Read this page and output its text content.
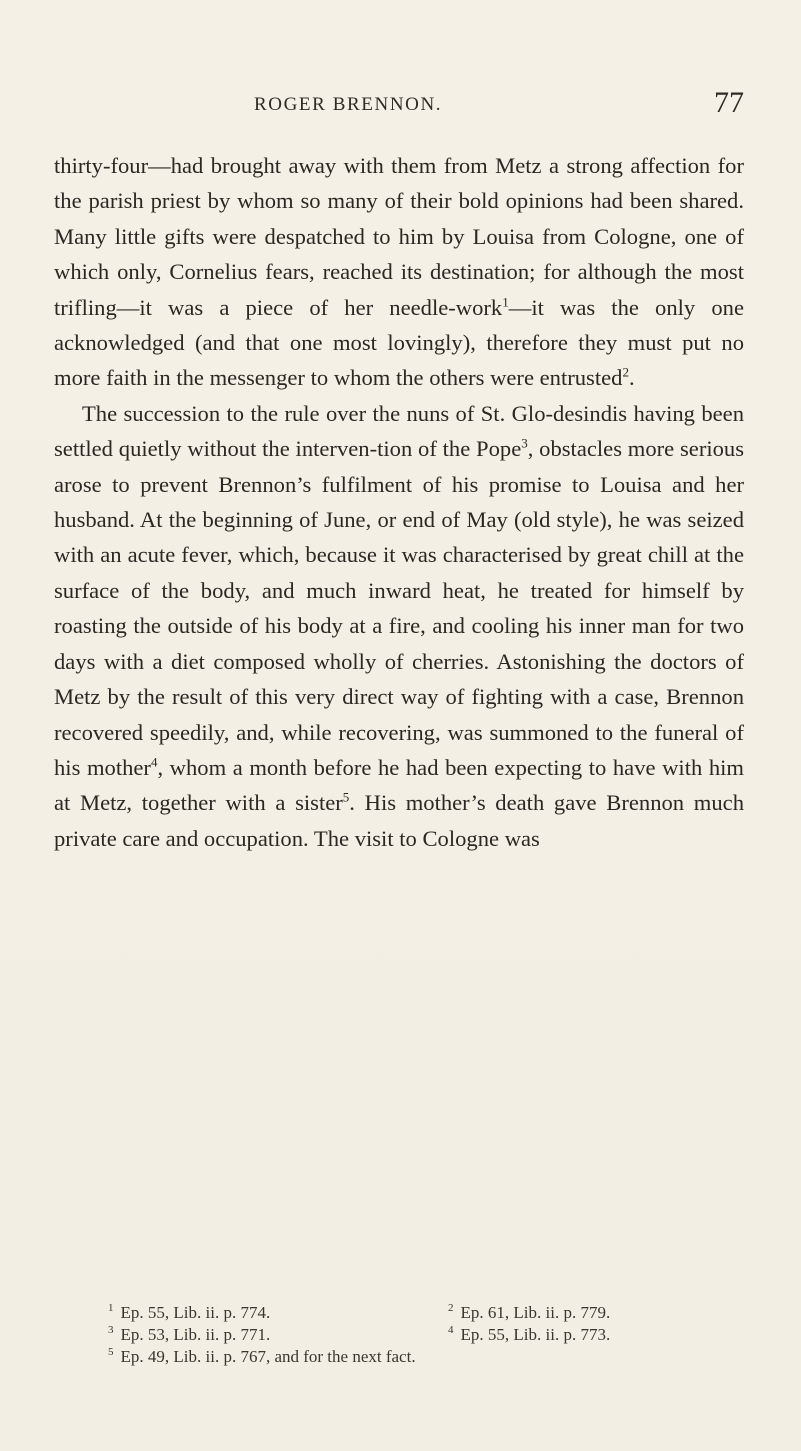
ROGER BRENNON.	77

thirty-four—had brought away with them from Metz a strong affection for the parish priest by whom so many of their bold opinions had been shared. Many little gifts were despatched to him by Louisa from Cologne, one of which only, Cornelius fears, reached its destination; for although the most trifling—it was a piece of her needle-work$^1$—it was the only one acknowledged (and that one most lovingly), therefore they must put no more faith in the messenger to whom the others were entrusted$^2$.

The succession to the rule over the nuns of St. Glo-desindis having been settled quietly without the interven-tion of the Pope$^3$, obstacles more serious arose to prevent Brennon’s fulfilment of his promise to Louisa and her husband. At the beginning of June, or end of May (old style), he was seized with an acute fever, which, because it was characterised by great chill at the surface of the body, and much inward heat, he treated for himself by roasting the outside of his body at a fire, and cooling his inner man for two days with a diet composed wholly of cherries. Astonishing the doctors of Metz by the result of this very direct way of fighting with a case, Brennon recovered speedily, and, while recovering, was summoned to the funeral of his mother$^4$, whom a month before he had been expecting to have with him at Metz, together with a sister$^5$. His mother’s death gave Brennon much private care and occupation. The visit to Cologne was

$^1$ Ep. 55, Lib. ii. p. 774.	$^2$ Ep. 61, Lib. ii. p. 779.
$^3$ Ep. 53, Lib. ii. p. 771.	$^4$ Ep. 55, Lib. ii. p. 773.
$^5$ Ep. 49, Lib. ii. p. 767, and for the next fact.
